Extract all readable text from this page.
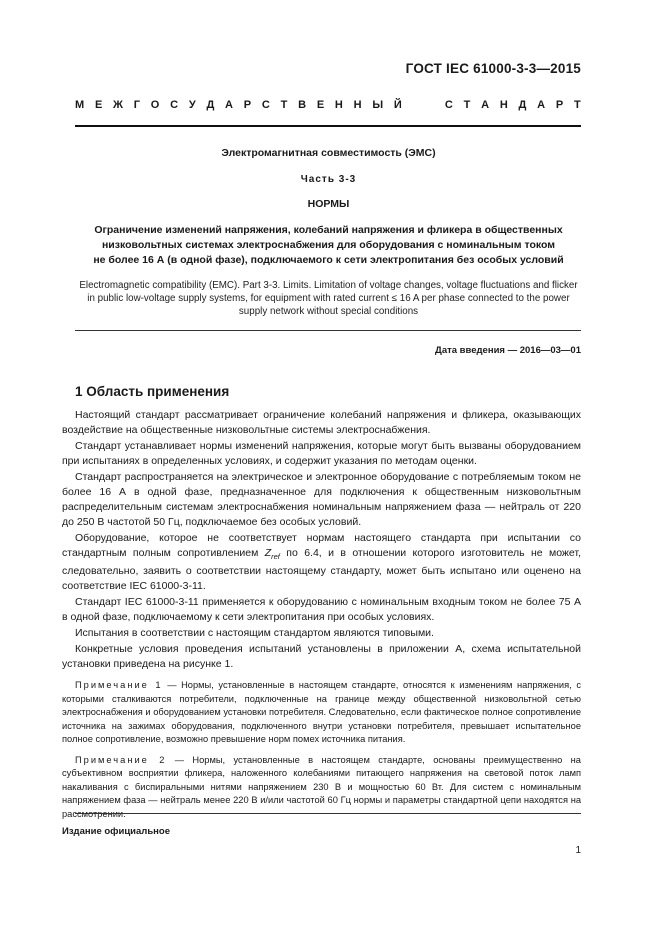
ГОСТ IEC 61000-3-3—2015
М Е Ж Г О С У Д А Р С Т В Е Н Н Ы Й	С Т А Н Д А Р Т
Электромагнитная совместимость (ЭМС)
Часть 3-3
НОРМЫ
Ограничение изменений напряжения, колебаний напряжения и фликера в общественных
низковольтных системах электроснабжения для оборудования с номинальным током
не более 16 А (в одной фазе), подключаемого к сети электропитания без особых условий
Electromagnetic compatibility (EMC). Part 3-3. Limits. Limitation of voltage changes, voltage fluctuations and flicker
in public low-voltage supply systems, for equipment with rated current ≤ 16 A per phase connected to the power
supply network without special conditions
Дата введения — 2016—03—01
1 Область применения

Настоящий стандарт рассматривает ограничение колебаний напряжения и фликера, оказывающих воздействие на общественные низковольтные системы электроснабжения.

Стандарт устанавливает нормы изменений напряжения, которые могут быть вызваны оборудованием при испытаниях в определенных условиях, и содержит указания по методам оценки.

Стандарт распространяется на электрическое и электронное оборудование с потребляемым током не более 16 А в одной фазе, предназначенное для подключения к общественным низковольтным распределительным системам электроснабжения номинальным напряжением фаза — нейтраль от 220 до 250 В частотой 50 Гц, подключаемое без особых условий.

Оборудование, которое не соответствует нормам настоящего стандарта при испытании со стандартным полным сопротивлением $Z_{ref}$ по 6.4, и в отношении которого изготовитель не может, следовательно, заявить о соответствии настоящему стандарту, может быть испытано или оценено на соответствие IEC 61000-3-11.

Стандарт IEC 61000-3-11 применяется к оборудованию с номинальным входным током не более 75 А в одной фазе, подключаемому к сети электропитания при особых условиях.

Испытания в соответствии с настоящим стандартом являются типовыми.

Конкретные условия проведения испытаний установлены в приложении А, схема испытательной установки приведена на рисунке 1.

Примечание 1 — Нормы, установленные в настоящем стандарте, относятся к изменениям напряжения, с которыми сталкиваются потребители, подключенные на границе между общественной низковольтной сетью электроснабжения и оборудованием установки потребителя. Следовательно, если фактическое полное сопротивление источника на зажимах оборудования, подключенного внутри установки потребителя, превышает испытательное полное сопротивление, возможно превышение норм помех источника питания.

Примечание 2 — Нормы, установленные в настоящем стандарте, основаны преимущественно на субъективном восприятии фликера, наложенного колебаниями питающего напряжения на световой поток ламп накаливания с биспиральными нитями напряжением 230 В и мощностью 60 Вт. Для систем с номинальным напряжением фаза — нейтраль менее 220 В и/или частотой 60 Гц нормы и параметры стандартной цепи находятся на рассмотрении.

Издание официальное
1
